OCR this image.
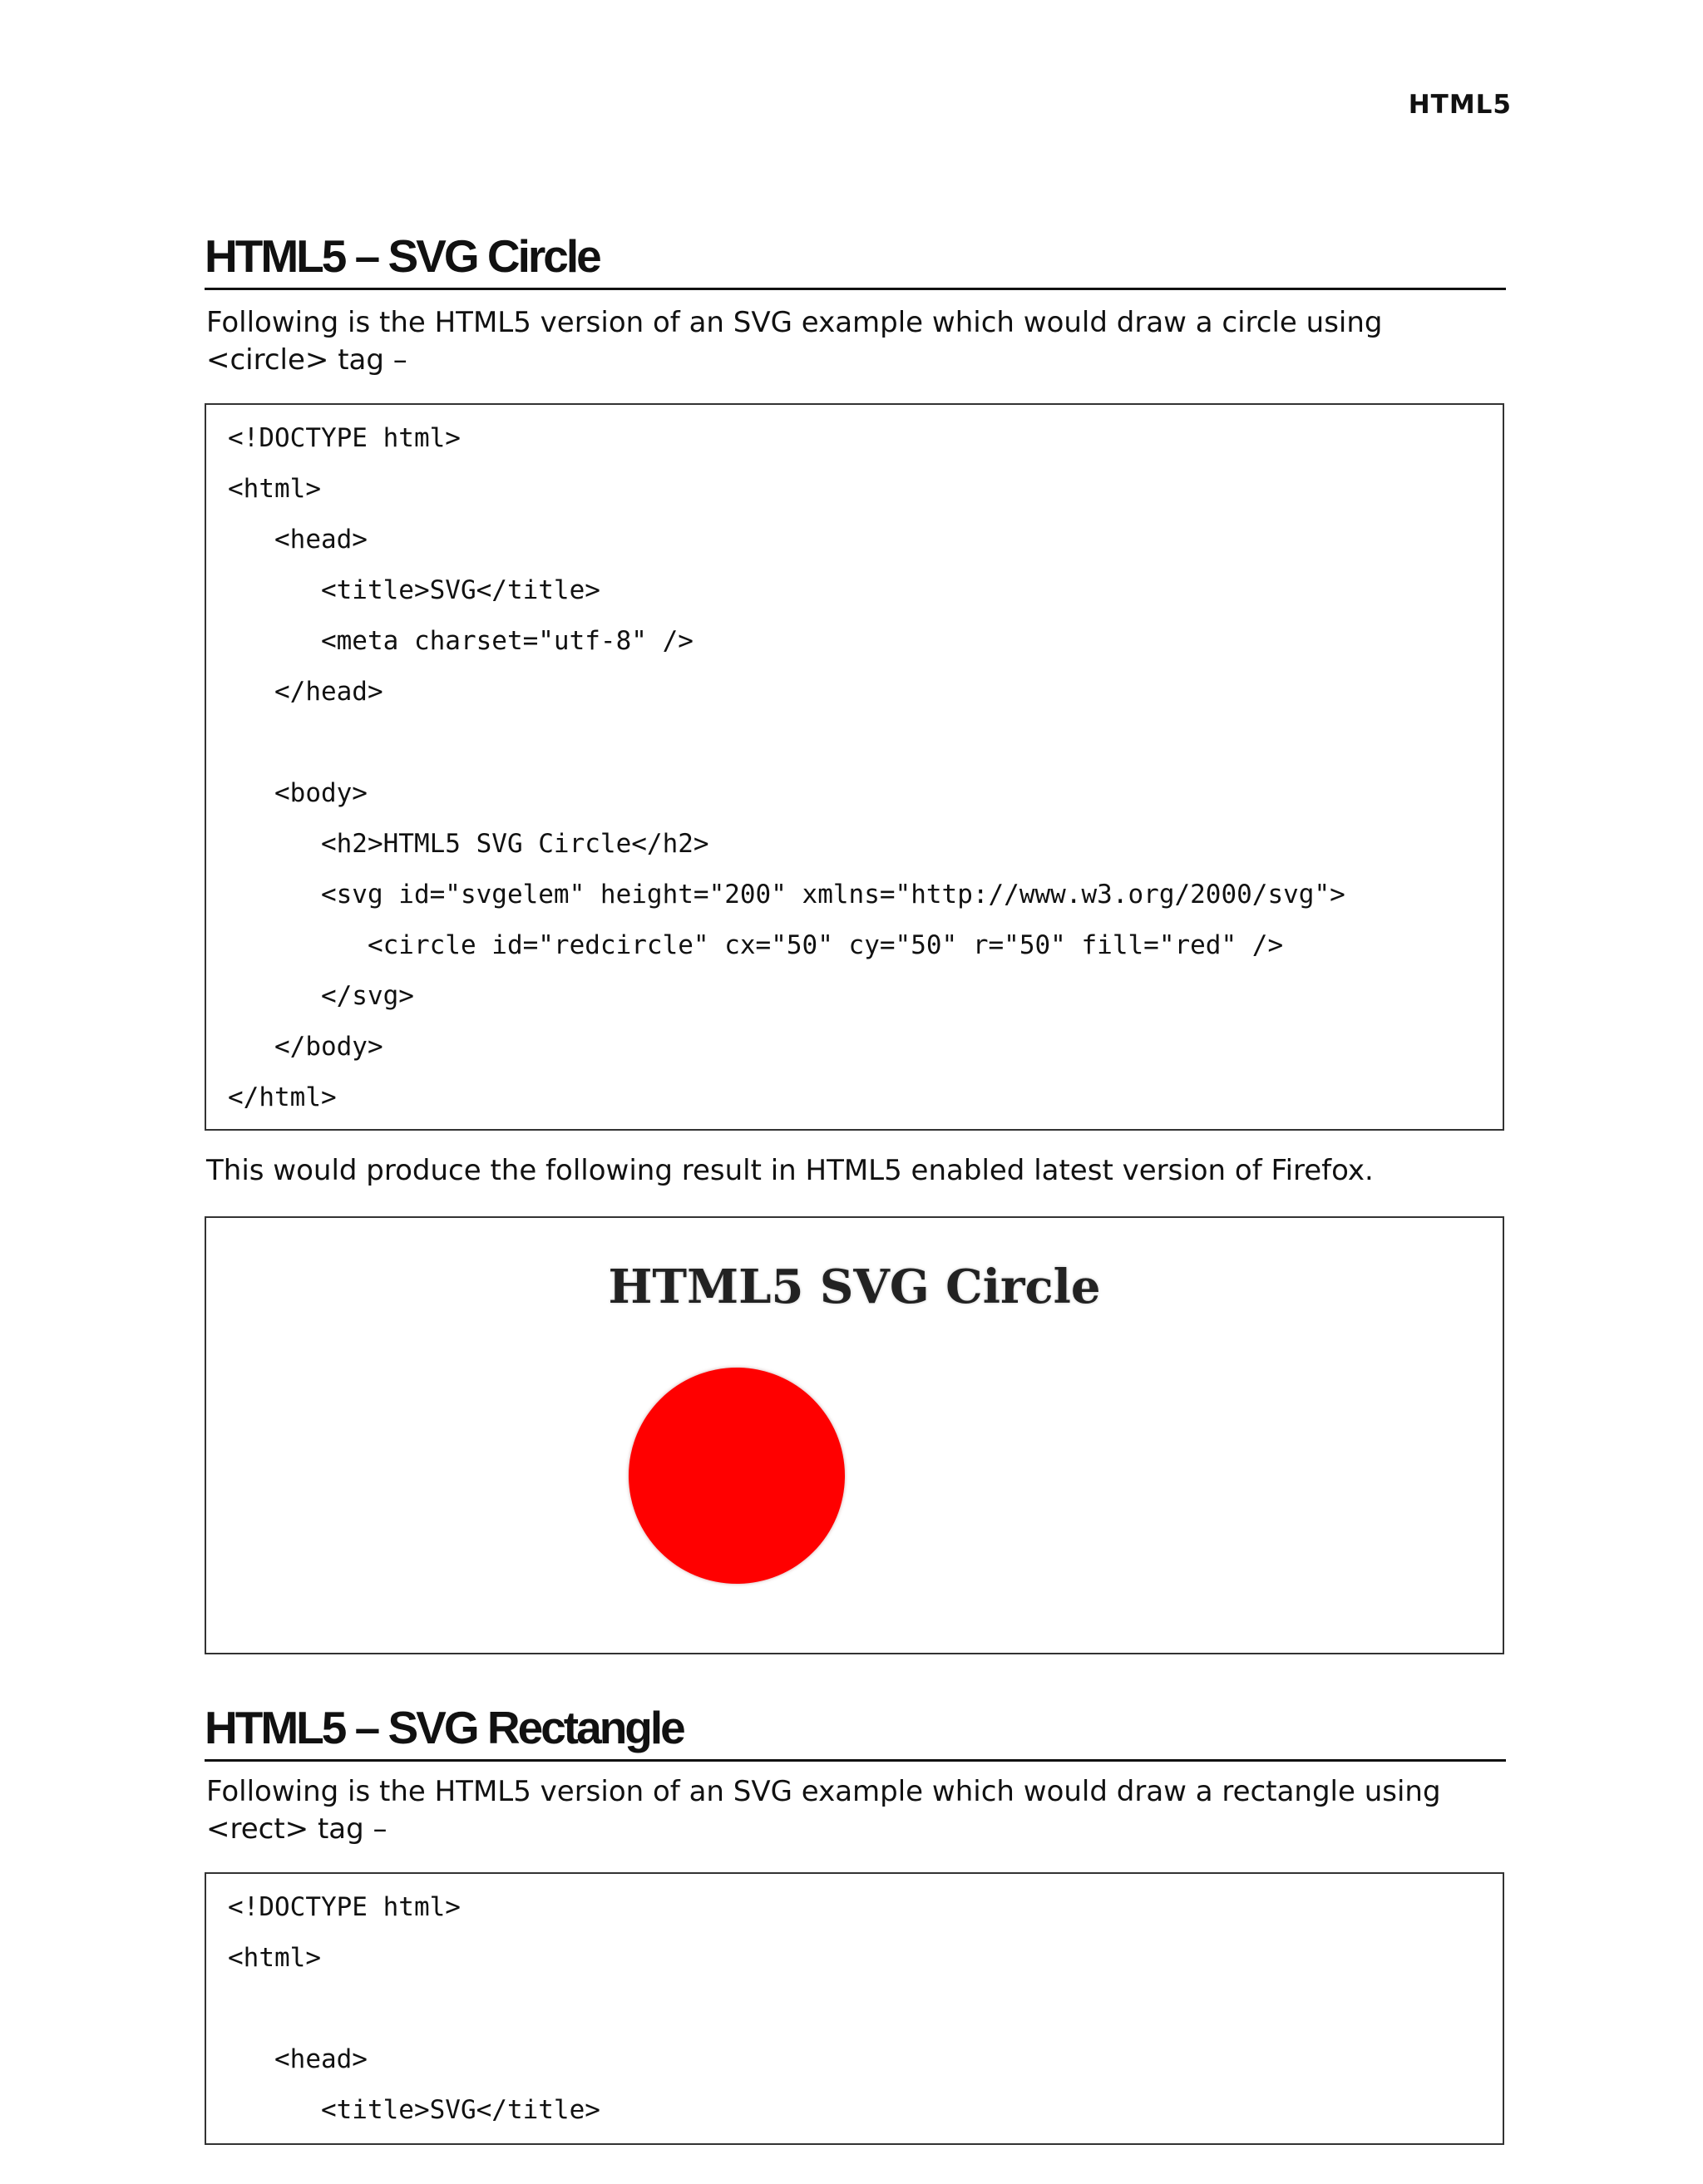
HTML5
HTML5 – SVG Circle

Following is the HTML5 version of an SVG example which would draw a circle using
<circle> tag –

<!DOCTYPE html>
<html>
<head>
<title>SVG</title>
<meta charset="utf-8" />
</head>
<body>
<h2>HTML5 SVG Circle</h2>
<svg id="svgelem" height="200" xmlns="http://www.w3.org/2000/svg">
<circle id="redcircle" cx="50" cy="50" r="50" fill="red" />
</svg>
</body>
</html>

This would produce the following result in HTML5 enabled latest version of Firefox.

HTML5 SVG Circle
HTML5 – SVG Rectangle

Following is the HTML5 version of an SVG example which would draw a rectangle using
<rect> tag –

<!DOCTYPE html>
<html>
<head>
<title>SVG</title>
